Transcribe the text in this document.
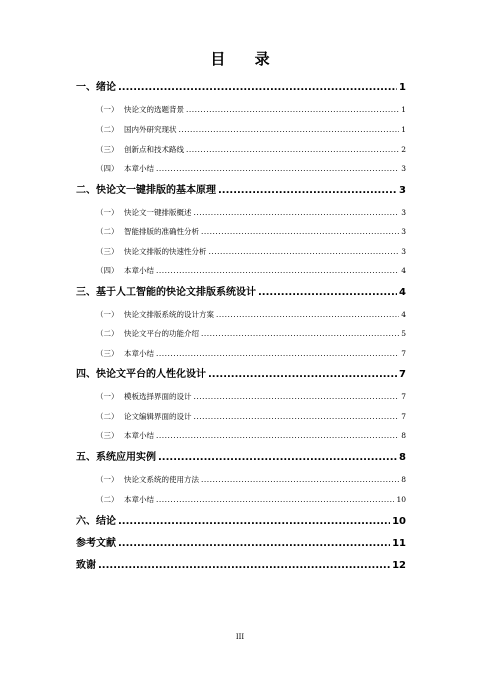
目 录
一、绪论 .....	1
（一） 快论文的选题背景 .....	1
（二） 国内外研究现状 .....	1
（三） 创新点和技术路线 .....	2
（四） 本章小结 .....	3
二、快论文一键排版的基本原理 .....	3
（一） 快论文一键排版概述 .....	3
（二） 智能排版的准确性分析 .....	3
（三） 快论文排版的快速性分析 .....	3
（四） 本章小结 .....	4
三、基于人工智能的快论文排版系统设计 .....	4
（一） 快论文排版系统的设计方案 .....	4
（二） 快论文平台的功能介绍 .....	5
（三） 本章小结 .....	7
四、快论文平台的人性化设计 .....	7
（一） 模板选择界面的设计 .....	7
（二） 论文编辑界面的设计 .....	7
（三） 本章小结 .....	8
五、系统应用实例 .....	8
（一） 快论文系统的使用方法 .....	8
（二） 本章小结 .....	10
六、结论 .....	10
参考文献 .....	11
致谢 .....	12
III
